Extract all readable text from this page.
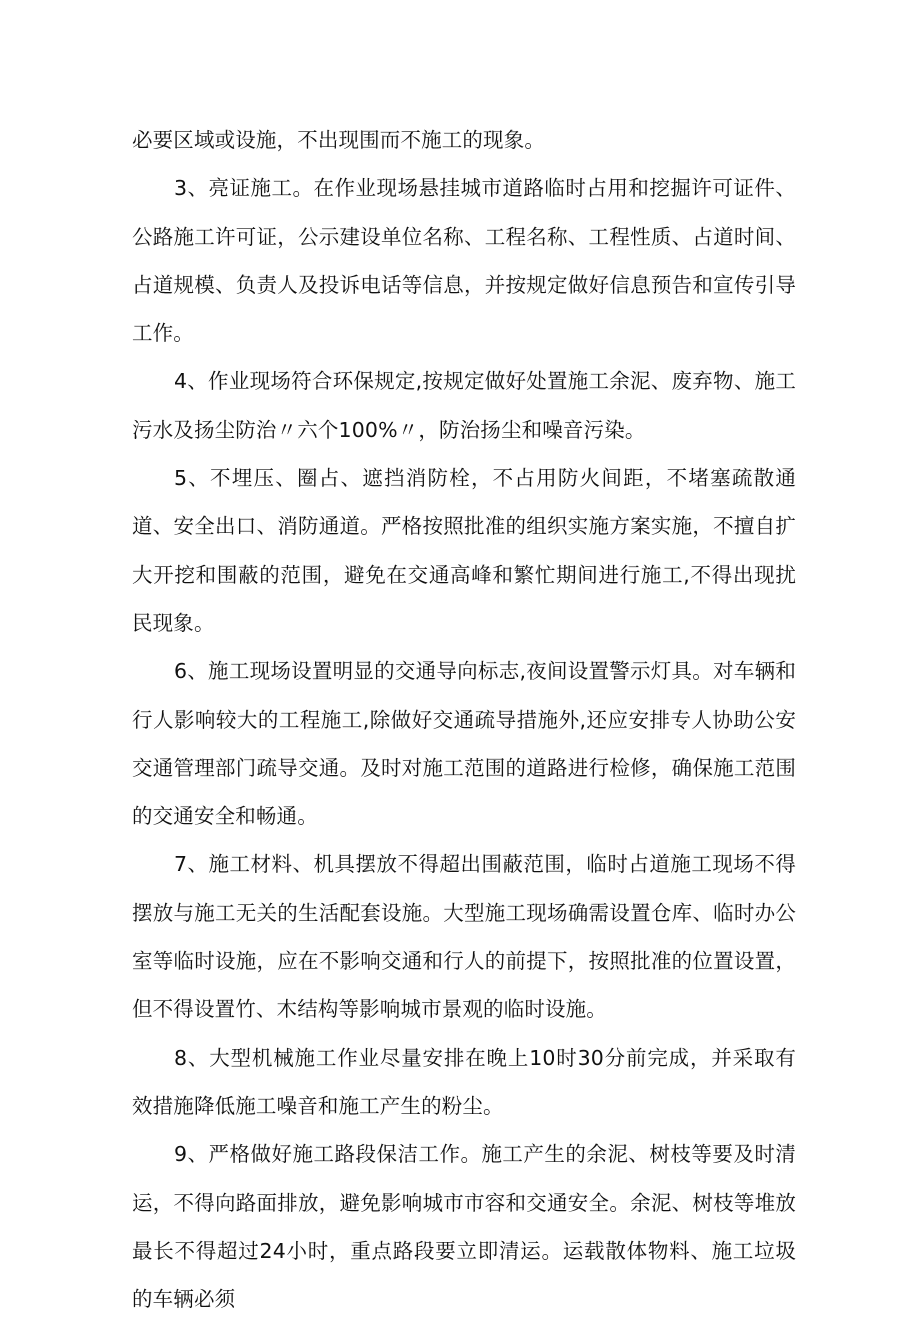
必要区域或设施，不出现围而不施工的现象。

3、亮证施工。在作业现场悬挂城市道路临时占用和挖掘许可证件、公路施工许可证，公示建设单位名称、工程名称、工程性质、占道时间、占道规模、负责人及投诉电话等信息，并按规定做好信息预告和宣传引导工作。

4、作业现场符合环保规定,按规定做好处置施工余泥、废弃物、施工污水及扬尘防治〃六个100%〃，防治扬尘和噪音污染。

5、不埋压、圈占、遮挡消防栓，不占用防火间距，不堵塞疏散通道、安全出口、消防通道。严格按照批准的组织实施方案实施，不擅自扩大开挖和围蔽的范围，避免在交通高峰和繁忙期间进行施工,不得出现扰民现象。

6、施工现场设置明显的交通导向标志,夜间设置警示灯具。对车辆和行人影响较大的工程施工,除做好交通疏导措施外,还应安排专人协助公安交通管理部门疏导交通。及时对施工范围的道路进行检修，确保施工范围的交通安全和畅通。

7、施工材料、机具摆放不得超出围蔽范围，临时占道施工现场不得摆放与施工无关的生活配套设施。大型施工现场确需设置仓库、临时办公室等临时设施，应在不影响交通和行人的前提下，按照批准的位置设置，但不得设置竹、木结构等影响城市景观的临时设施。

8、大型机械施工作业尽量安排在晚上10时30分前完成，并采取有效措施降低施工噪音和施工产生的粉尘。

9、严格做好施工路段保洁工作。施工产生的余泥、树枝等要及时清运，不得向路面排放，避免影响城市市容和交通安全。余泥、树枝等堆放最长不得超过24小时，重点路段要立即清运。运载散体物料、施工垃圾的车辆必须
